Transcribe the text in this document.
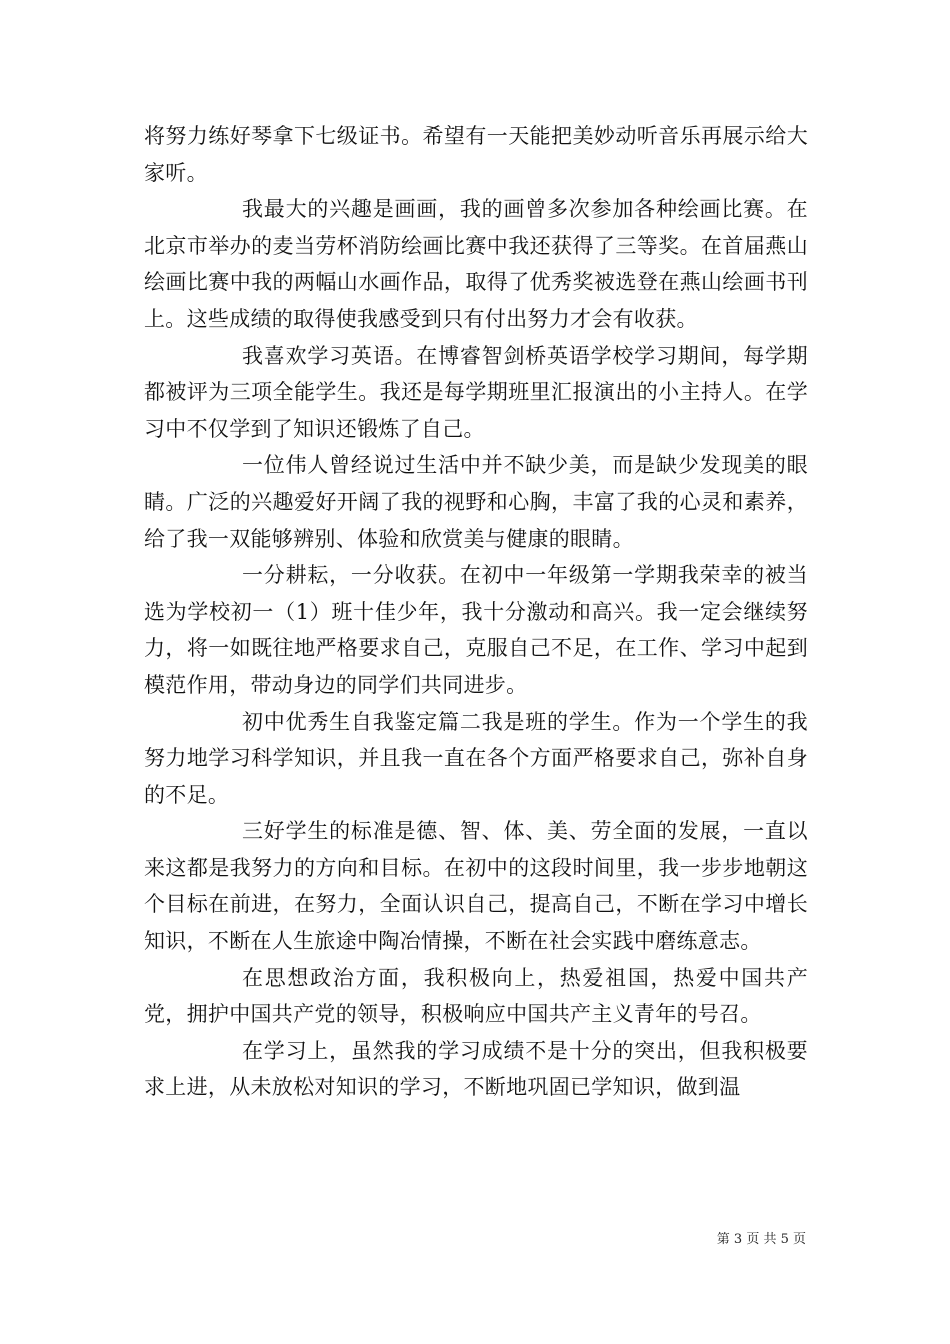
将努力练好琴拿下七级证书。希望有一天能把美妙动听音乐再展示给大家听。

我最大的兴趣是画画，我的画曾多次参加各种绘画比赛。在北京市举办的麦当劳杯消防绘画比赛中我还获得了三等奖。在首届燕山绘画比赛中我的两幅山水画作品，取得了优秀奖被选登在燕山绘画书刊上。这些成绩的取得使我感受到只有付出努力才会有收获。

我喜欢学习英语。在博睿智剑桥英语学校学习期间，每学期都被评为三项全能学生。我还是每学期班里汇报演出的小主持人。在学习中不仅学到了知识还锻炼了自己。

一位伟人曾经说过生活中并不缺少美，而是缺少发现美的眼睛。广泛的兴趣爱好开阔了我的视野和心胸，丰富了我的心灵和素养，给了我一双能够辨别、体验和欣赏美与健康的眼睛。

一分耕耘，一分收获。在初中一年级第一学期我荣幸的被当选为学校初一（1）班十佳少年，我十分激动和高兴。我一定会继续努力，将一如既往地严格要求自己，克服自己不足，在工作、学习中起到模范作用，带动身边的同学们共同进步。

初中优秀生自我鉴定篇二我是班的学生。作为一个学生的我努力地学习科学知识，并且我一直在各个方面严格要求自己，弥补自身的不足。

三好学生的标准是德、智、体、美、劳全面的发展，一直以来这都是我努力的方向和目标。在初中的这段时间里，我一步步地朝这个目标在前进，在努力，全面认识自己，提高自己，不断在学习中增长知识，不断在人生旅途中陶冶情操，不断在社会实践中磨练意志。

在思想政治方面，我积极向上，热爱祖国，热爱中国共产党，拥护中国共产党的领导，积极响应中国共产主义青年的号召。

在学习上，虽然我的学习成绩不是十分的突出，但我积极要求上进，从未放松对知识的学习，不断地巩固已学知识，做到温

第 3 页 共 5 页
